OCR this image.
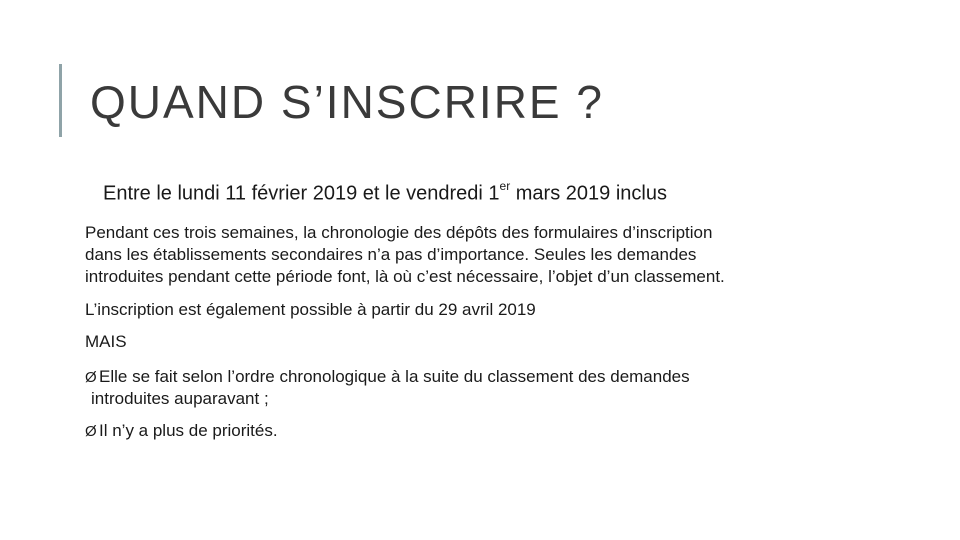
QUAND S’INSCRIRE ?
Entre le lundi 11 février 2019 et le vendredi 1er mars 2019 inclus
Pendant ces trois semaines, la chronologie des dépôts des formulaires d’inscription
dans les établissements secondaires n’a pas d’importance. Seules les demandes
introduites pendant cette période font, là où c’est nécessaire, l’objet d’un classement.
L’inscription est également possible à partir du 29 avril 2019
MAIS
Ø Elle se fait selon l’ordre chronologique à la suite du classement des demandes
introduites auparavant ;
Ø Il n’y a plus de priorités.
